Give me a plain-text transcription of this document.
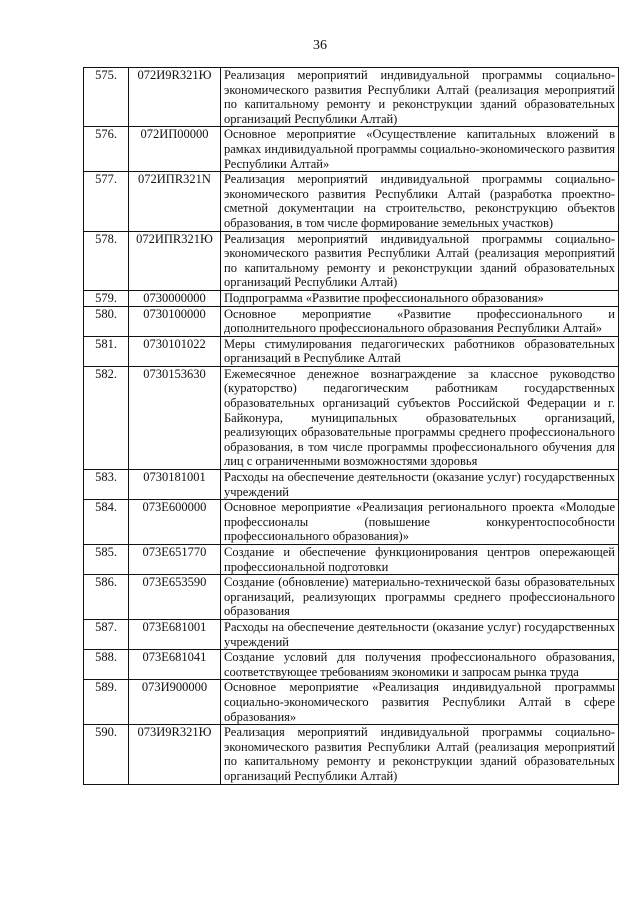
36
575.	072И9R321Ю	Реализация мероприятий индивидуальной программы социально-экономического развития Республики Алтай (реализация мероприятий по капитальному ремонту и реконструкции зданий образовательных организаций Республики Алтай)
576.	072ИП00000	Основное мероприятие «Осуществление капитальных вложений в рамках индивидуальной программы социально-экономического развития Республики Алтай»
577.	072ИПR321N	Реализация мероприятий индивидуальной программы социально-экономического развития Республики Алтай (разработка проектно-сметной документации на строительство, реконструкцию объектов образования, в том числе формирование земельных участков)
578.	072ИПR321Ю	Реализация мероприятий индивидуальной программы социально-экономического развития Республики Алтай (реализация мероприятий по капитальному ремонту и реконструкции зданий образовательных организаций Республики Алтай)
579.	0730000000	Подпрограмма «Развитие профессионального образования»
580.	0730100000	Основное мероприятие «Развитие профессионального и дополнительного профессионального образования Республики Алтай»
581.	0730101022	Меры стимулирования педагогических работников образовательных организаций в Республике Алтай
582.	0730153630	Ежемесячное денежное вознаграждение за классное руководство (кураторство) педагогическим работникам государственных образовательных организаций субъектов Российской Федерации и г. Байконура, муниципальных образовательных организаций, реализующих образовательные программы среднего профессионального образования, в том числе программы профессионального обучения для лиц с ограниченными возможностями здоровья
583.	0730181001	Расходы на обеспечение деятельности (оказание услуг) государственных учреждений
584.	073Е600000	Основное мероприятие «Реализация регионального проекта «Молодые профессионалы (повышение конкурентоспособности профессионального образования)»
585.	073Е651770	Создание и обеспечение функционирования центров опережающей профессиональной подготовки
586.	073Е653590	Создание (обновление) материально-технической базы образовательных организаций, реализующих программы среднего профессионального образования
587.	073Е681001	Расходы на обеспечение деятельности (оказание услуг) государственных учреждений
588.	073Е681041	Создание условий для получения профессионального образования, соответствующее требованиям экономики и запросам рынка труда
589.	073И900000	Основное мероприятие «Реализация индивидуальной программы социально-экономического развития Республики Алтай в сфере образования»
590.	073И9R321Ю	Реализация мероприятий индивидуальной программы социально-экономического развития Республики Алтай (реализация мероприятий по капитальному ремонту и реконструкции зданий образовательных организаций Республики Алтай)
